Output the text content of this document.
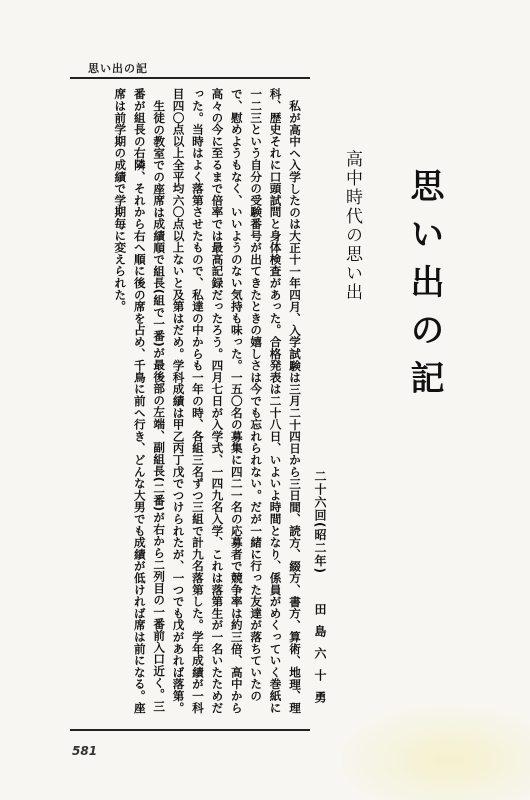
思い出の記
思い出の記
高中時代の思い出
二十六回(昭二年) 田島六十勇

私が高中へ入学したのは大正十一年四月、入学試験は三月二十四日から三日間、読方、綴方、書方、算術、地理、理科、歴史それに口頭試問と身体検査があった。合格発表は二十八日、いよいよ時間となり、係員がめくっていく巻紙に一二三という自分の受験番号が出てきたときの嬉しさは今でも忘れられない。だが一緒に行った友達が落ちていたので、慰めようもなく、いいようのない気持も味った。一五〇名の募集に四二一名の応募者で競争率は約三倍、高中から高々の今に至るまで倍率では最高記録だったろう。四月七日が入学式、一四九名入学、これは落第生が一名いたためだった。当時はよく落第させたもので、私達の中からも一年の時、各組三名ずつ三組で計九名落第した。学年成績が一科目四〇点以上全平均六〇点以上ないと及第はだめ。学科成績は甲乙丙丁戊でつけられたが、一つでも戊があれば落第。

生徒の教室での座席は成績順で組長(組で一番)が最後部の左端、副組長(二番)が右から二列目の一番前入口近く。三番が組長の右隣、それから右へ順に後の席を占め、千鳥に前へ行き、どんな大男でも成績が低ければ席は前になる。座席は前学期の成績で学期毎に変えられた。

581
